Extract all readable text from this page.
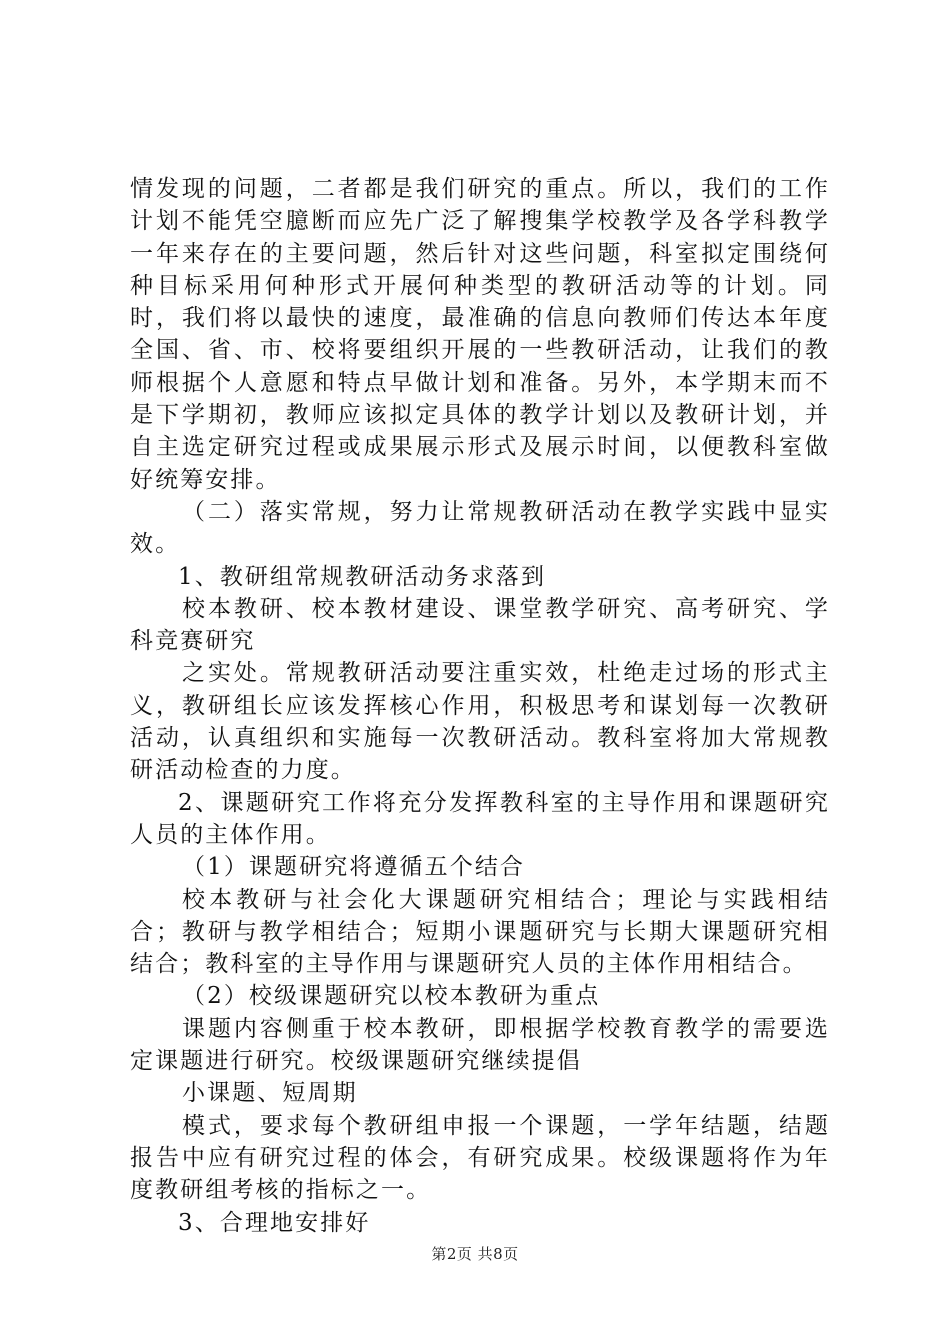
情发现的问题，二者都是我们研究的重点。所以，我们的工作计划不能凭空臆断而应先广泛了解搜集学校教学及各学科教学一年来存在的主要问题，然后针对这些问题，科室拟定围绕何种目标采用何种形式开展何种类型的教研活动等的计划。同时，我们将以最快的速度，最准确的信息向教师们传达本年度全国、省、市、校将要组织开展的一些教研活动，让我们的教师根据个人意愿和特点早做计划和准备。另外，本学期末而不是下学期初，教师应该拟定具体的教学计划以及教研计划，并自主选定研究过程或成果展示形式及展示时间，以便教科室做好统筹安排。

（二）落实常规，努力让常规教研活动在教学实践中显实效。

1、教研组常规教研活动务求落到

校本教研、校本教材建设、课堂教学研究、高考研究、学科竞赛研究

之实处。常规教研活动要注重实效，杜绝走过场的形式主义，教研组长应该发挥核心作用，积极思考和谋划每一次教研活动，认真组织和实施每一次教研活动。教科室将加大常规教研活动检查的力度。

2、课题研究工作将充分发挥教科室的主导作用和课题研究人员的主体作用。

（1）课题研究将遵循五个结合

校本教研与社会化大课题研究相结合；理论与实践相结合；教研与教学相结合；短期小课题研究与长期大课题研究相结合；教科室的主导作用与课题研究人员的主体作用相结合。

（2）校级课题研究以校本教研为重点

课题内容侧重于校本教研，即根据学校教育教学的需要选定课题进行研究。校级课题研究继续提倡

小课题、短周期

模式，要求每个教研组申报一个课题，一学年结题，结题报告中应有研究过程的体会，有研究成果。校级课题将作为年度教研组考核的指标之一。

3、合理地安排好

第2页 共8页
